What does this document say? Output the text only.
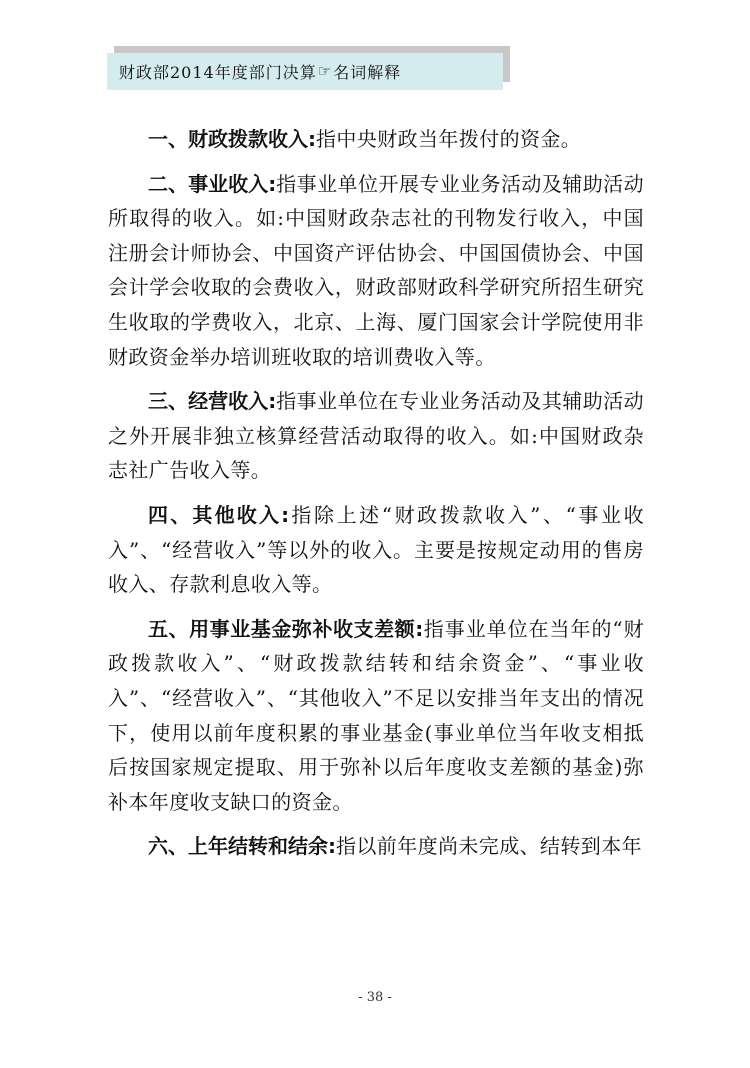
财政部2014年度部门决算 ☞ 名词解释

一、财政拨款收入:指中央财政当年拨付的资金。

二、事业收入:指事业单位开展专业业务活动及辅助活动所取得的收入。如:中国财政杂志社的刊物发行收入，中国注册会计师协会、中国资产评估协会、中国国债协会、中国会计学会收取的会费收入，财政部财政科学研究所招生研究生收取的学费收入，北京、上海、厦门国家会计学院使用非财政资金举办培训班收取的培训费收入等。

三、经营收入:指事业单位在专业业务活动及其辅助活动之外开展非独立核算经营活动取得的收入。如:中国财政杂志社广告收入等。

四、其他收入:指除上述“财政拨款收入”、“事业收入”、“经营收入”等以外的收入。主要是按规定动用的售房收入、存款利息收入等。

五、用事业基金弥补收支差额:指事业单位在当年的“财政拨款收入”、“财政拨款结转和结余资金”、“事业收入”、“经营收入”、“其他收入”不足以安排当年支出的情况下，使用以前年度积累的事业基金(事业单位当年收支相抵后按国家规定提取、用于弥补以后年度收支差额的基金)弥补本年度收支缺口的资金。

六、上年结转和结余:指以前年度尚未完成、结转到本年

- 38 -
